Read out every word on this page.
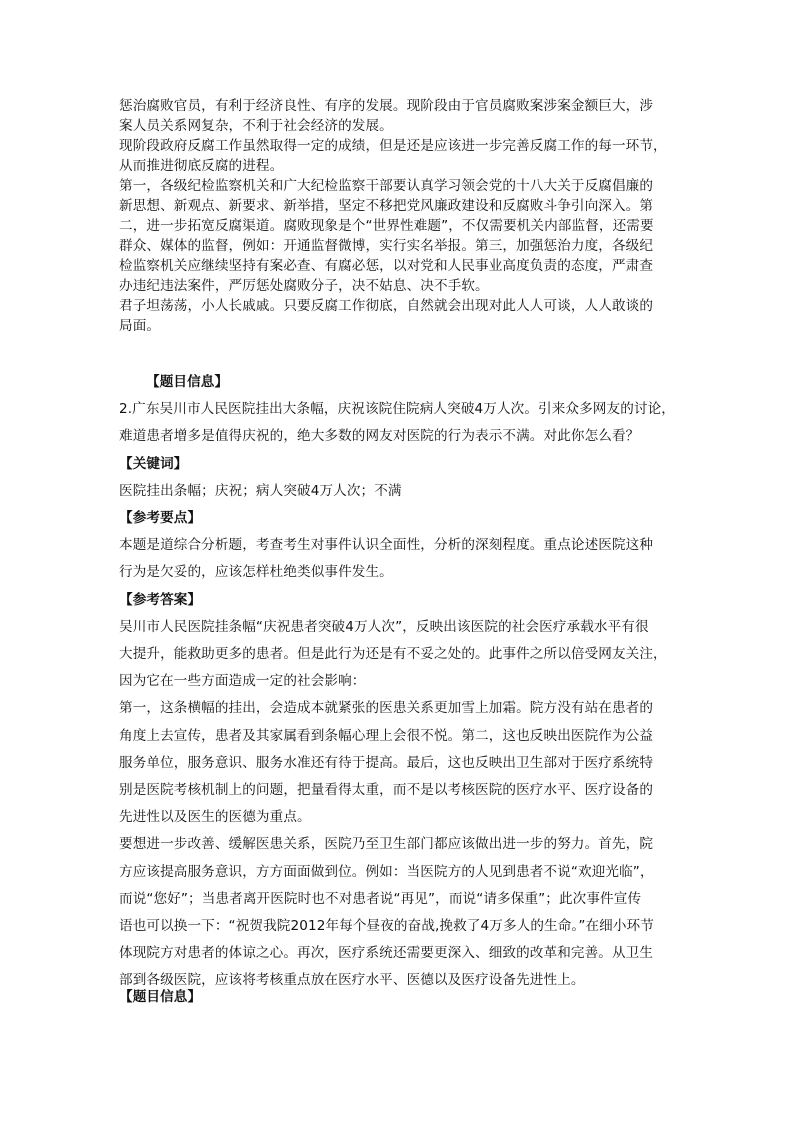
惩治腐败官员，有利于经济良性、有序的发展。现阶段由于官员腐败案涉案金额巨大，涉

案人员关系网复杂，不利于社会经济的发展。

现阶段政府反腐工作虽然取得一定的成绩，但是还是应该进一步完善反腐工作的每一环节，

从而推进彻底反腐的进程。

第一，各级纪检监察机关和广大纪检监察干部要认真学习领会党的十八大关于反腐倡廉的

新思想、新观点、新要求、新举措，坚定不移把党风廉政建设和反腐败斗争引向深入。第

二，进一步拓宽反腐渠道。腐败现象是个“世界性难题”，不仅需要机关内部监督，还需要

群众、媒体的监督，例如：开通监督微博，实行实名举报。第三，加强惩治力度，各级纪

检监察机关应继续坚持有案必查、有腐必惩，以对党和人民事业高度负责的态度，严肃查

办违纪违法案件，严厉惩处腐败分子，决不姑息、决不手软。

君子坦荡荡，小人长戚戚。只要反腐工作彻底，自然就会出现对此人人可谈，人人敢谈的

局面。

【题目信息】

2.广东吴川市人民医院挂出大条幅，庆祝该院住院病人突破4万人次。引来众多网友的讨论，

难道患者增多是值得庆祝的，绝大多数的网友对医院的行为表示不满。对此你怎么看？

【关键词】

医院挂出条幅；庆祝；病人突破4万人次；不满

【参考要点】

本题是道综合分析题，考查考生对事件认识全面性，分析的深刻程度。重点论述医院这种

行为是欠妥的，应该怎样杜绝类似事件发生。

【参考答案】

吴川市人民医院挂条幅“庆祝患者突破4万人次”，反映出该医院的社会医疗承载水平有很

大提升，能救助更多的患者。但是此行为还是有不妥之处的。此事件之所以倍受网友关注，

因为它在一些方面造成一定的社会影响：

第一，这条横幅的挂出，会造成本就紧张的医患关系更加雪上加霜。院方没有站在患者的

角度上去宣传，患者及其家属看到条幅心理上会很不悦。第二，这也反映出医院作为公益

服务单位，服务意识、服务水准还有待于提高。最后，这也反映出卫生部对于医疗系统特

别是医院考核机制上的问题，把量看得太重，而不是以考核医院的医疗水平、医疗设备的

先进性以及医生的医德为重点。

要想进一步改善、缓解医患关系，医院乃至卫生部门都应该做出进一步的努力。首先，院

方应该提高服务意识，方方面面做到位。例如：当医院方的人见到患者不说“欢迎光临”，

而说“您好”；当患者离开医院时也不对患者说“再见”，而说“请多保重”；此次事件宣传

语也可以换一下：“祝贺我院2012年每个昼夜的奋战,挽救了4万多人的生命。”在细小环节

体现院方对患者的体谅之心。再次，医疗系统还需要更深入、细致的改革和完善。从卫生

部到各级医院，应该将考核重点放在医疗水平、医德以及医疗设备先进性上。

【题目信息】
